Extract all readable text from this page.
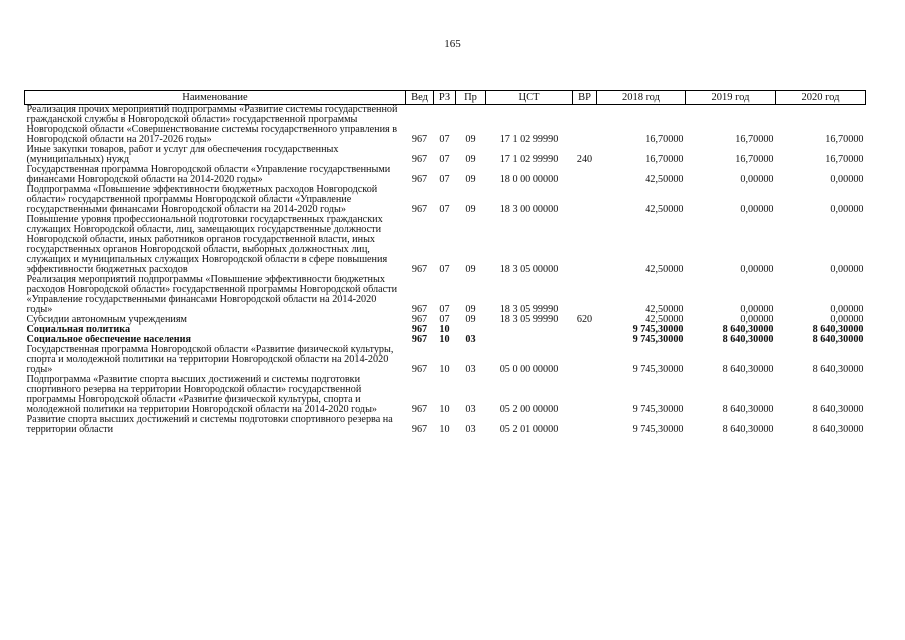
165
Наименование	Вед	РЗ	Пр	ЦСТ	ВР	2018 год	2019 год	2020 год
Реализация прочих мероприятий подпрограммы «Развитие системы государственной гражданской службы в Новгородской области» государственной программы Новгородской области «Совершенствование системы государственного управления в Новгородской области на 2017-2026 годы»	967	07	09	17 1 02 99990		16,70000	16,70000	16,70000
Иные закупки товаров, работ и услуг для обеспечения государственных (муниципальных) нужд	967	07	09	17 1 02 99990	240	16,70000	16,70000	16,70000
Государственная программа Новгородской области «Управление государственными финансами Новгородской области на 2014-2020 годы»	967	07	09	18 0 00 00000		42,50000	0,00000	0,00000
Подпрограмма «Повышение эффективности бюджетных расходов Новгородской области» государственной программы Новгородской области «Управление государственными финансами Новгородской области на 2014-2020 годы»	967	07	09	18 3 00 00000		42,50000	0,00000	0,00000
Повышение уровня профессиональной подготовки государственных гражданских служащих Новгородской области, лиц, замещающих государственные должности Новгородской области, иных работников органов государственной власти, иных государственных органов Новгородской области, выборных должностных лиц, служащих и муниципальных служащих Новгородской области в сфере повышения эффективности бюджетных расходов	967	07	09	18 3 05 00000		42,50000	0,00000	0,00000
Реализация мероприятий подпрограммы «Повышение эффективности бюджетных расходов Новгородской области» государственной программы Новгородской области «Управление государственными финансами Новгородской области на 2014-2020 годы»	967	07	09	18 3 05 99990		42,50000	0,00000	0,00000
Субсидии автономным учреждениям	967	07	09	18 3 05 99990	620	42,50000	0,00000	0,00000
Социальная политика	967	10				9 745,30000	8 640,30000	8 640,30000
Социальное обеспечение населения	967	10	03			9 745,30000	8 640,30000	8 640,30000
Государственная программа Новгородской области «Развитие физической культуры, спорта и молодежной политики на территории Новгородской области на 2014-2020 годы»	967	10	03	05 0 00 00000		9 745,30000	8 640,30000	8 640,30000
Подпрограмма «Развитие спорта высших достижений и системы подготовки спортивного резерва на территории Новгородской области» государственной программы Новгородской области «Развитие физической культуры, спорта и молодежной политики на территории Новгородской области на 2014-2020 годы»	967	10	03	05 2 00 00000		9 745,30000	8 640,30000	8 640,30000
Развитие спорта высших достижений и системы подготовки спортивного резерва на территории области	967	10	03	05 2 01 00000		9 745,30000	8 640,30000	8 640,30000
